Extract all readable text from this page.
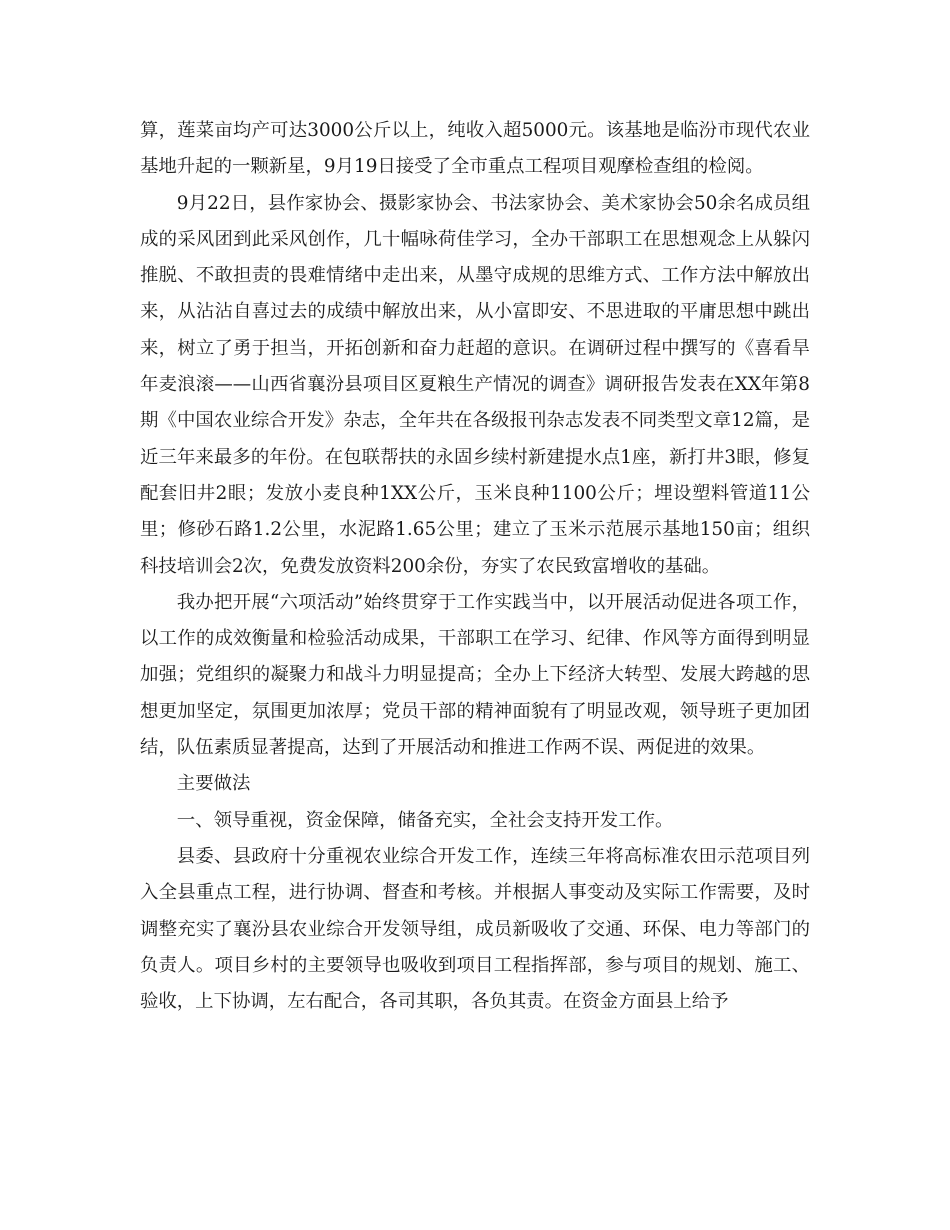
算，莲菜亩均产可达3000公斤以上，纯收入超5000元。该基地是临汾市现代农业基地升起的一颗新星，9月19日接受了全市重点工程项目观摩检查组的检阅。

9月22日，县作家协会、摄影家协会、书法家协会、美术家协会50余名成员组成的采风团到此采风创作，几十幅咏荷佳学习，全办干部职工在思想观念上从躲闪推脱、不敢担责的畏难情绪中走出来，从墨守成规的思维方式、工作方法中解放出来，从沾沾自喜过去的成绩中解放出来，从小富即安、不思进取的平庸思想中跳出来，树立了勇于担当，开拓创新和奋力赶超的意识。在调研过程中撰写的《喜看旱年麦浪滚——山西省襄汾县项目区夏粮生产情况的调查》调研报告发表在XX年第8期《中国农业综合开发》杂志，全年共在各级报刊杂志发表不同类型文章12篇，是近三年来最多的年份。在包联帮扶的永固乡续村新建提水点1座，新打井3眼，修复配套旧井2眼；发放小麦良种1XX公斤，玉米良种1100公斤；埋设塑料管道11公里；修砂石路1.2公里，水泥路1.65公里；建立了玉米示范展示基地150亩；组织科技培训会2次，免费发放资料200余份，夯实了农民致富增收的基础。

我办把开展“六项活动”始终贯穿于工作实践当中，以开展活动促进各项工作，以工作的成效衡量和检验活动成果，干部职工在学习、纪律、作风等方面得到明显加强；党组织的凝聚力和战斗力明显提高；全办上下经济大转型、发展大跨越的思想更加坚定，氛围更加浓厚；党员干部的精神面貌有了明显改观，领导班子更加团结，队伍素质显著提高，达到了开展活动和推进工作两不误、两促进的效果。

主要做法

一、领导重视，资金保障，储备充实，全社会支持开发工作。

县委、县政府十分重视农业综合开发工作，连续三年将高标准农田示范项目列入全县重点工程，进行协调、督查和考核。并根据人事变动及实际工作需要，及时调整充实了襄汾县农业综合开发领导组，成员新吸收了交通、环保、电力等部门的负责人。项目乡村的主要领导也吸收到项目工程指挥部，参与项目的规划、施工、验收，上下协调，左右配合，各司其职，各负其责。在资金方面县上给予
